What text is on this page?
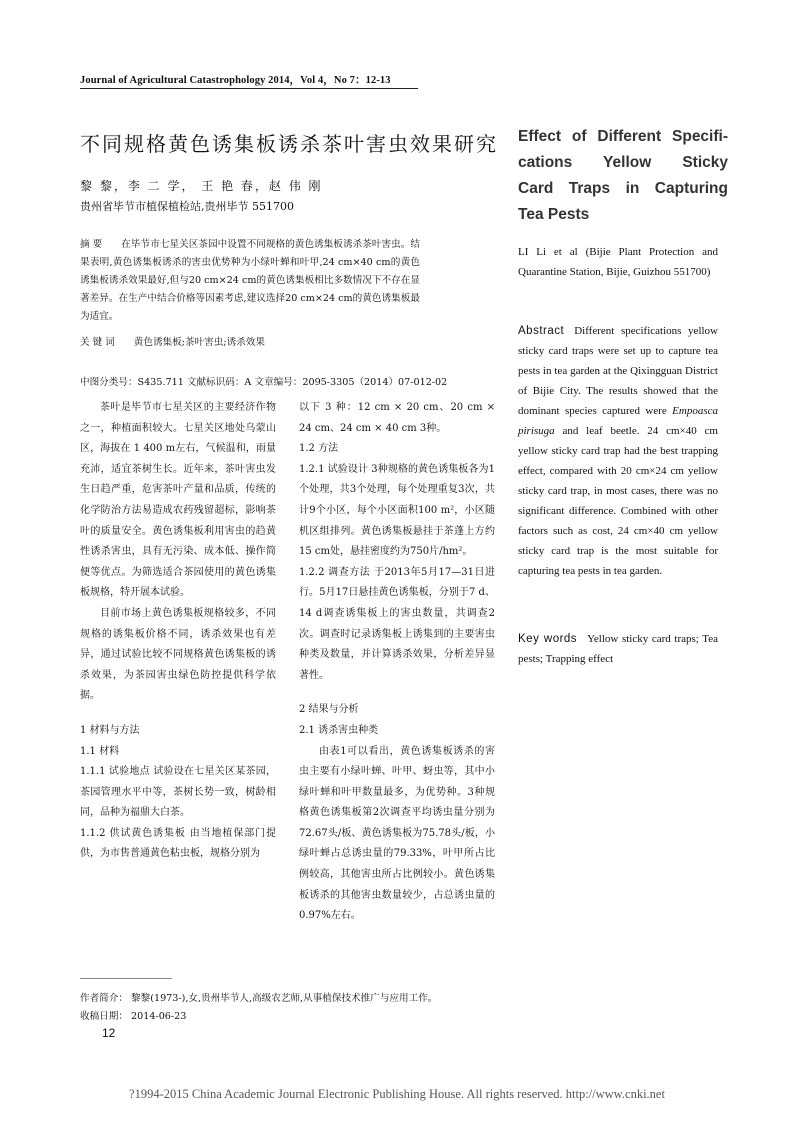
Journal of Agricultural Catastrophology 2014，Vol 4，No 7：12-13
不同规格黄色诱集板诱杀茶叶害虫效果研究
黎 黎，李 二 学， 王 艳 春，赵 伟 刚
贵州省毕节市植保植检站,贵州毕节 551700
摘要 在毕节市七星关区茶园中设置不同规格的黄色诱集板诱杀茶叶害虫。结果表明,黄色诱集板诱杀的害虫优势种为小绿叶蝉和叶甲,24 cm×40 cm的黄色诱集板诱杀效果最好,但与20 cm×24 cm的黄色诱集板相比多数情况下不存在显著差异。在生产中结合价格等因素考虑,建议选择20 cm×24 cm的黄色诱集板最为适宜。
关键词 黄色诱集板;茶叶害虫;诱杀效果
中图分类号：S435.711 文献标识码：A 文章编号：2095-3305（2014）07-012-02

茶叶是毕节市七星关区的主要经济作物之一，种植面积较大。七星关区地处乌蒙山区，海拔在 1 400 m左右，气候温和，雨量充沛，适宜茶树生长。近年来，茶叶害虫发生日趋严重，危害茶叶产量和品质，传统的化学防治方法易造成农药残留超标，影响茶叶的质量安全。黄色诱集板利用害虫的趋黄性诱杀害虫，具有无污染、成本低、操作简便等优点。为筛选适合茶园使用的黄色诱集板规格，特开展本试验。

目前市场上黄色诱集板规格较多，不同规格的诱集板价格不同，诱杀效果也有差异，通过试验比较不同规格黄色诱集板的诱杀效果，为茶园害虫绿色防控提供科学依据。

1 材料与方法

1.1 材料

1.1.1 试验地点 试验设在七星关区某茶园，茶园管理水平中等，茶树长势一致，树龄相同，品种为福鼎大白茶。

1.1.2 供试黄色诱集板 由当地植保部门提供，为市售普通黄色粘虫板，规格分别为

以下 3 种：12 cm × 20 cm、20 cm × 24 cm、24 cm × 40 cm 3种。

1.2 方法

1.2.1 试验设计 3种规格的黄色诱集板各为1个处理，共3个处理，每个处理重复3次，共计9个小区，每个小区面积100 m²，小区随机区组排列。黄色诱集板悬挂于茶蓬上方约15 cm处，悬挂密度约为750片/hm²。

1.2.2 调查方法 于2013年5月17—31日进行。5月17日悬挂黄色诱集板，分别于7 d、14 d调查诱集板上的害虫数量，共调查2次。调查时记录诱集板上诱集到的主要害虫种类及数量，并计算诱杀效果，分析差异显著性。

2 结果与分析

2.1 诱杀害虫种类

由表1可以看出，黄色诱集板诱杀的害虫主要有小绿叶蝉、叶甲、蚜虫等，其中小绿叶蝉和叶甲数量最多，为优势种。3种规格黄色诱集板第2次调查平均诱虫量分别为72.67头/板、黄色诱集板为75.78头/板，小绿叶蝉占总诱虫量的79.33%，叶甲所占比例较高，其他害虫所占比例较小。黄色诱集板诱杀的其他害虫数量较少，占总诱虫量的0.97%左右。

作者简介： 黎黎(1973-),女,贵州毕节人,高级农艺师,从事植保技术推广与应用工作。
收稿日期： 2014-06-23
12
Effect of Different Specifi-
cations Yellow Sticky
Card Traps in Capturing
Tea Pests
LI Li et al (Bijie Plant Protection and Quarantine Station, Bijie, Guizhou 551700)
Abstract Different specifications yellow sticky card traps were set up to capture tea pests in tea garden at the Qixingguan District of Bijie City. The results showed that the dominant species captured were Empoasca pirisuga and leaf beetle. 24 cm×40 cm yellow sticky card trap had the best trapping effect, compared with 20 cm×24 cm yellow sticky card trap, in most cases, there was no significant difference. Combined with other factors such as cost, 24 cm×40 cm yellow sticky card trap is the most suitable for capturing tea pests in tea garden.
Key words Yellow sticky card traps; Tea pests; Trapping effect
?1994-2015 China Academic Journal Electronic Publishing House. All rights reserved. http://www.cnki.net
